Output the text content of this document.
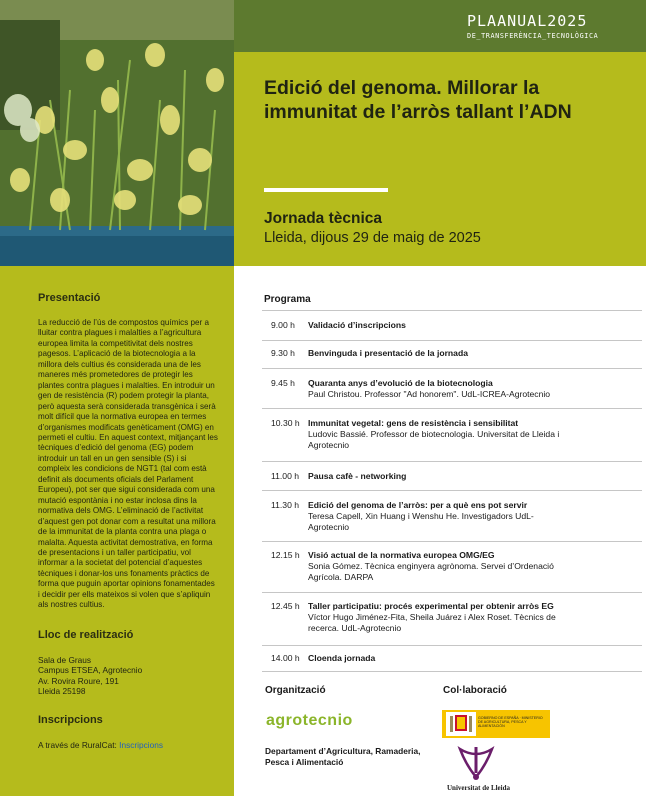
PLAANUAL2025
DE_TRANSFERÈNCIA_TECNOLÒGICA
Edició del genoma. Millorar la immunitat de l’arròs tallant l’ADN
Jornada tècnica
Lleida, dijous 29 de maig de 2025
Presentació
La reducció de l’ús de compostos químics per a lluitar contra plagues i malalties a l’agricultura europea limita la competitivitat dels nostres pagesos. L’aplicació de la biotecnologia a la millora dels cultius és considerada una de les maneres més prometedores de protegir les plantes contra plagues i malalties. En introduir un gen de resistència (R) podem protegir la planta, però aquesta serà considerada transgènica i serà molt difícil que la normativa europea en termes d’organismes modificats genèticament (OMG) en permeti el cultiu. En aquest context, mitjançant les tècniques d’edició del genoma (EG) podem introduir un tall en un gen sensible (S) i si compleix les condicions de NGT1 (tal com està definit als documents oficials del Parlament Europeu), pot ser que sigui considerada com una mutació espontània i no estar inclosa dins la normativa dels OMG. L’eliminació de l’activitat d’aquest gen pot donar com a resultat una millora de la immunitat de la planta contra una plaga o malalta. Aquesta activitat demostrativa, en forma de presentacions i un taller participatiu, vol informar a la societat del potencial d’aquestes tècniques i donar-los uns fonaments pràctics de forma que puguin aportar opinions fonamentades i decidir per ells mateixos si volen que s’apliquin als nostres cultius.
Lloc de realització
Sala de Graus
Campus ETSEA, Agrotecnio
Av. Rovira Roure, 191
Lleida 25198
Inscripcions
A través de RuralCat: Inscripcions
Programa
9.00 h Validació d’inscripcions
9.30 h Benvinguda i presentació de la jornada
9.45 h Quaranta anys d’evolució de la biotecnologia
Paul Christou. Professor "Ad honorem". UdL-ICREA-Agrotecnio
10.30 h Immunitat vegetal: gens de resistència i sensibilitat
Ludovic Bassié. Professor de biotecnologia. Universitat de Lleida i Agrotecnio
11.00 h Pausa cafè - networking
11.30 h Edició del genoma de l’arròs: per a què ens pot servir
Teresa Capell, Xin Huang i Wenshu He. Investigadors UdL-Agrotecnio
12.15 h Visió actual de la normativa europea OMG/EG
Sonia Gómez. Tècnica enginyera agrònoma. Servei d’Ordenació Agrícola. DARPA
12.45 h Taller participatiu: procés experimental per obtenir arròs EG
Víctor Hugo Jiménez-Fita, Sheila Juárez i Alex Roset. Tècnics de recerca. UdL-Agrotecnio
14.00 h Cloenda jornada
Organització	Col·laboració
agrotecnio
Departament d’Agricultura, Ramaderia, Pesca i Alimentació
GOBIERNO DE ESPAÑA · MINISTERIO DE AGRICULTURA, PESCA Y ALIMENTACIÓN
Universitat de Lleida
